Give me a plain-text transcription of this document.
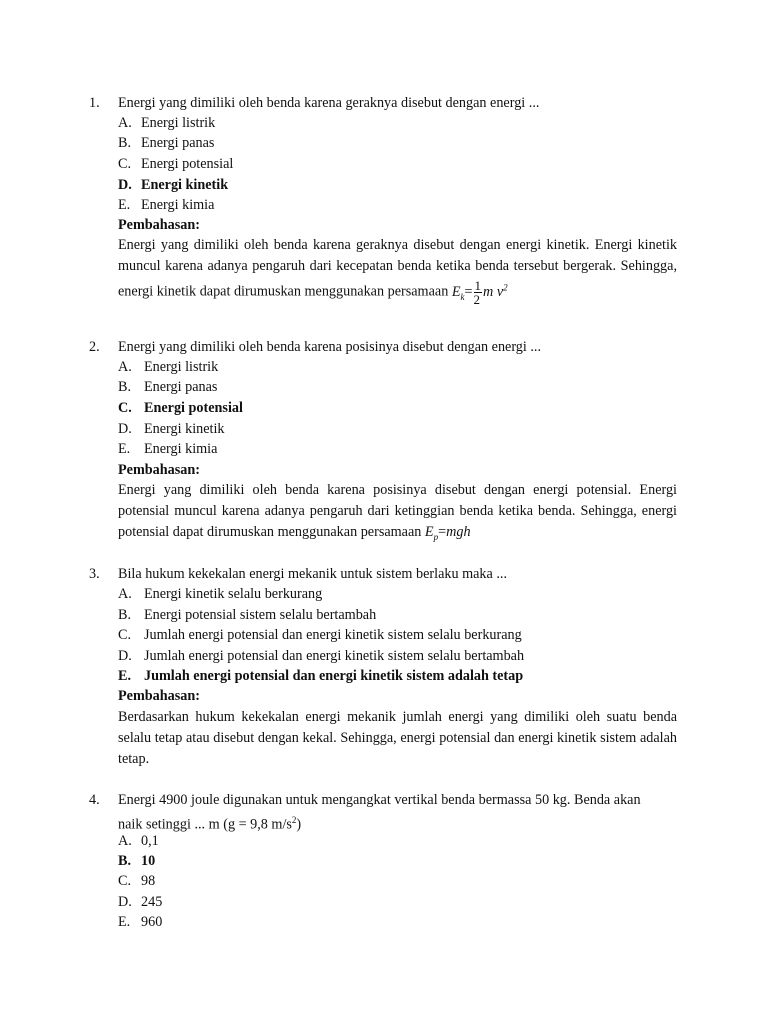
1. Energi yang dimiliki oleh benda karena geraknya disebut dengan energi ...
A. Energi listrik
B. Energi panas
C. Energi potensial
D. Energi kinetik
E. Energi kimia
Pembahasan:
Energi yang dimiliki oleh benda karena geraknya disebut dengan energi kinetik. Energi kinetik muncul karena adanya pengaruh dari kecepatan benda ketika benda tersebut bergerak. Sehingga, energi kinetik dapat dirumuskan menggunakan persamaan $E_k= \frac{1}{2}$ m $v^2$
2. Energi yang dimiliki oleh benda karena posisinya disebut dengan energi ...
A. Energi listrik
B. Energi panas
C. Energi potensial
D. Energi kinetik
E. Energi kimia
Pembahasan:
Energi yang dimiliki oleh benda karena posisinya disebut dengan energi potensial. Energi potensial muncul karena adanya pengaruh dari ketinggian benda ketika benda. Sehingga, energi potensial dapat dirumuskan menggunakan persamaan $E_p=mgh$
3. Bila hukum kekekalan energi mekanik untuk sistem berlaku maka ...
A. Energi kinetik selalu berkurang
B. Energi potensial sistem selalu bertambah
C. Jumlah energi potensial dan energi kinetik sistem selalu berkurang
D. Jumlah energi potensial dan energi kinetik sistem selalu bertambah
E. Jumlah energi potensial dan energi kinetik sistem adalah tetap
Pembahasan:
Berdasarkan hukum kekekalan energi mekanik jumlah energi yang dimiliki oleh suatu benda selalu tetap atau disebut dengan kekal. Sehingga, energi potensial dan energi kinetik sistem adalah tetap.
4. Energi 4900 joule digunakan untuk mengangkat vertikal benda bermassa 50 kg. Benda akan
naik setinggi ... m (g = 9,8 $m/s^2$)
A. 0,1
B. 10
C. 98
D. 245
E. 960
